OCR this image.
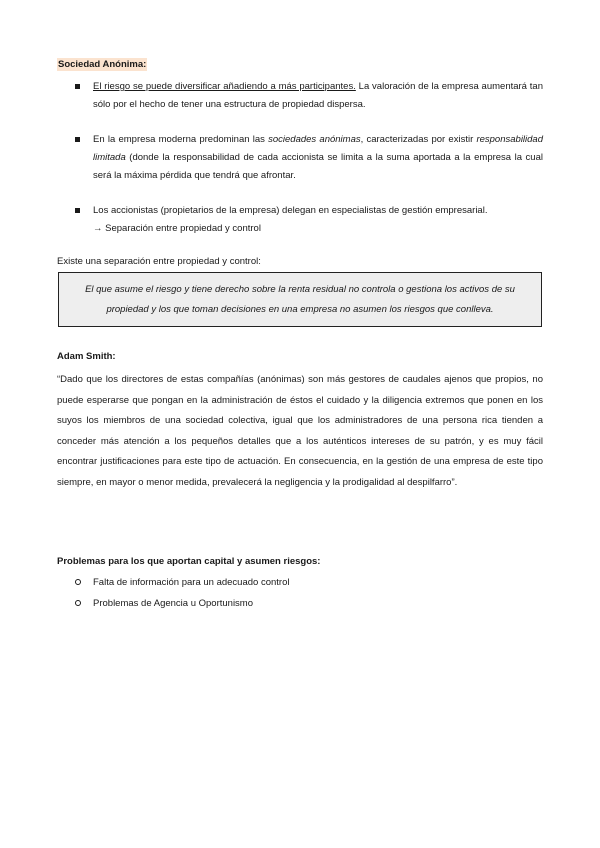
Sociedad Anónima:
El riesgo se puede diversificar añadiendo a más participantes. La valoración de la empresa aumentará tan sólo por el hecho de tener una estructura de propiedad dispersa.
En la empresa moderna predominan las sociedades anónimas, caracterizadas por existir responsabilidad limitada (donde la responsabilidad de cada accionista se limita a la suma aportada a la empresa la cual será la máxima pérdida que tendrá que afrontar.
Los accionistas (propietarios de la empresa) delegan en especialistas de gestión empresarial.
→ Separación entre propiedad y control
Existe una separación entre propiedad y control:
El que asume el riesgo y tiene derecho sobre la renta residual no controla o gestiona los activos de su propiedad y los que toman decisiones en una empresa no asumen los riesgos que conlleva.
Adam Smith:
“Dado que los directores de estas compañías (anónimas) son más gestores de caudales ajenos que propios, no puede esperarse que pongan en la administración de éstos el cuidado y la diligencia extremos que ponen en los suyos los miembros de una sociedad colectiva, igual que los administradores de una persona rica tienden a conceder más atención a los pequeños detalles que a los auténticos intereses de su patrón, y es muy fácil encontrar justificaciones para este tipo de actuación. En consecuencia, en la gestión de una empresa de este tipo siempre, en mayor o menor medida, prevalecerá la negligencia y la prodigalidad al despilfarro”.
Problemas para los que aportan capital y asumen riesgos:
Falta de información para un adecuado control
Problemas de Agencia u Oportunismo
